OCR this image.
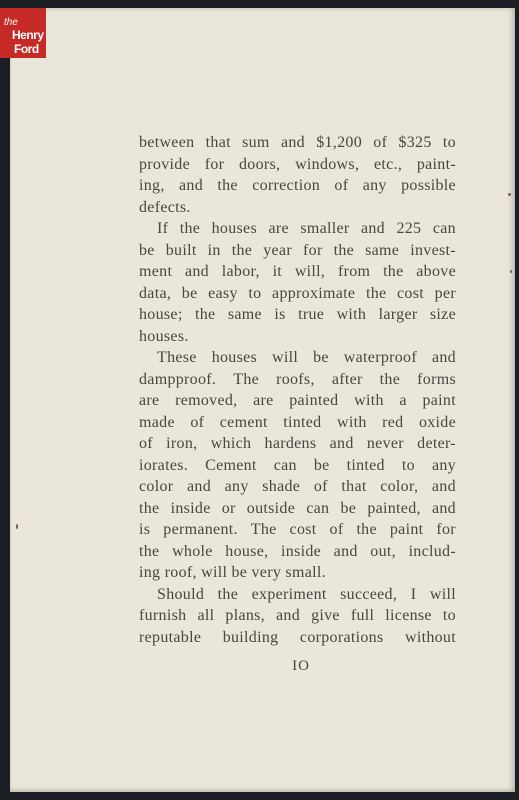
between that sum and $1,200 of $325 to
provide for doors, windows, etc., paint-
ing, and the correction of any possible
defects.
If the houses are smaller and 225 can
be built in the year for the same invest-
ment and labor, it will, from the above
data, be easy to approximate the cost per
house; the same is true with larger size
houses.
These houses will be waterproof and
dampproof. The roofs, after the forms
are removed, are painted with a paint
made of cement tinted with red oxide
of iron, which hardens and never deter-
iorates. Cement can be tinted to any
color and any shade of that color, and
the inside or outside can be painted, and
is permanent. The cost of the paint for
the whole house, inside and out, includ-
ing roof, will be very small.
Should the experiment succeed, I will
furnish all plans, and give full license to
reputable building corporations without
IO
the
Henry
Ford
